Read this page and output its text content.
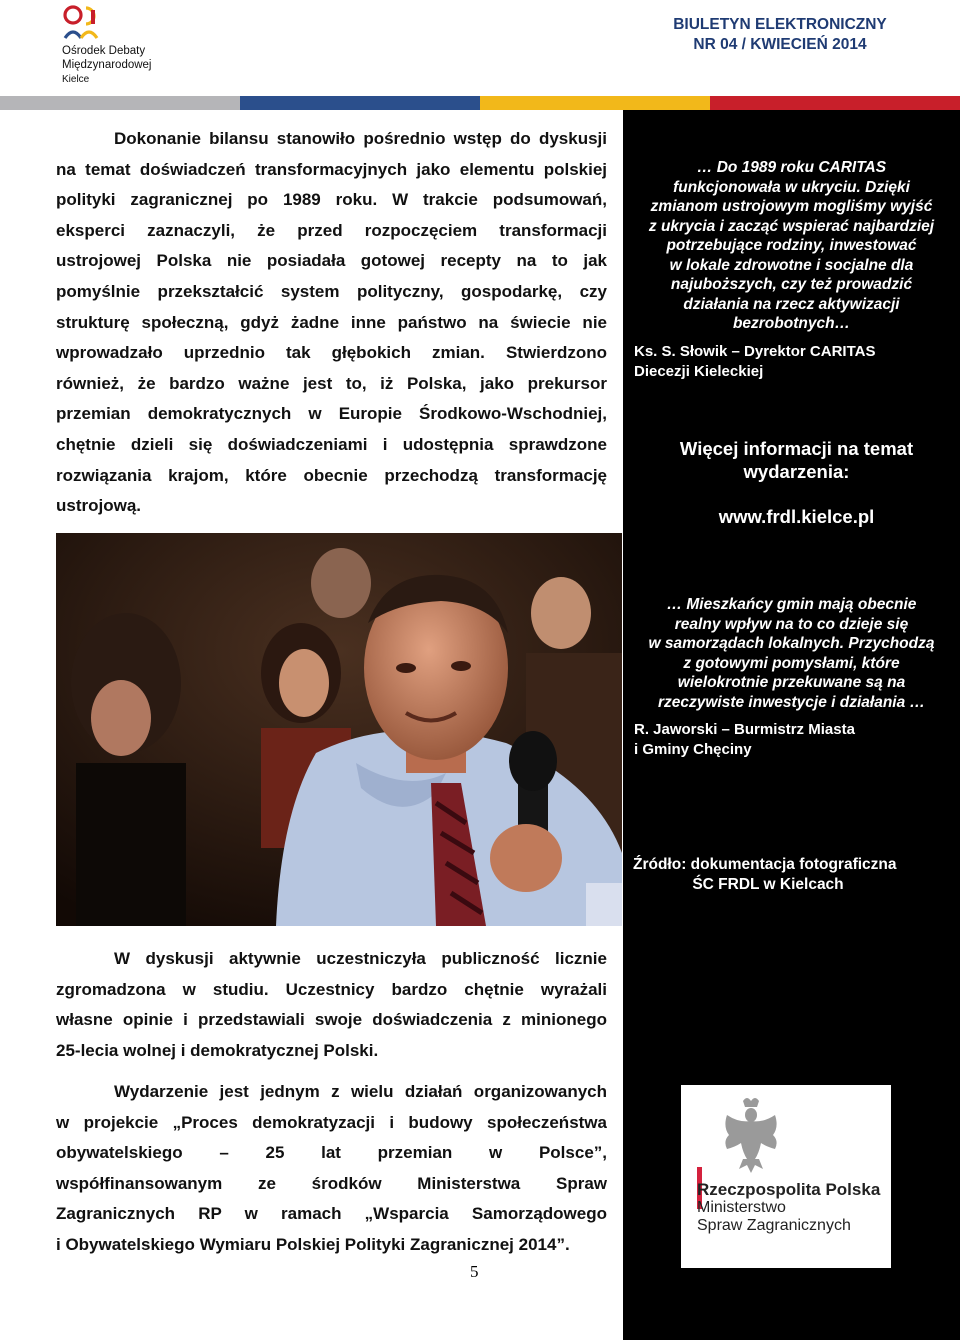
Ośrodek Debaty
Międzynarodowej
Kielce
BIULETYN ELEKTRONICZNY
NR 04 / KWIECIEŃ 2014
Dokonanie bilansu stanowiło pośrednio wstęp do dyskusji
na temat doświadczeń transformacyjnych jako elementu polskiej
polityki zagranicznej po 1989 roku. W trakcie podsumowań,
eksperci zaznaczyli, że przed rozpoczęciem transformacji
ustrojowej Polska nie posiadała gotowej recepty na to jak
pomyślnie przekształcić system polityczny, gospodarkę, czy
strukturę społeczną, gdyż żadne inne państwo na świecie nie
wprowadzało uprzednio tak głębokich zmian. Stwierdzono
również, że bardzo ważne jest to, iż Polska, jako prekursor
przemian demokratycznych w Europie Środkowo-Wschodniej,
chętnie dzieli się doświadczeniami i udostępnia sprawdzone
rozwiązania krajom, które obecnie przechodzą transformację
ustrojową.
W dyskusji aktywnie uczestniczyła publiczność licznie
zgromadzona w studiu. Uczestnicy bardzo chętnie wyrażali
własne opinie i przedstawiali swoje doświadczenia z minionego
25-lecia wolnej i demokratycznej Polski.
Wydarzenie jest jednym z wielu działań organizowanych
w projekcie „Proces demokratyzacji i budowy społeczeństwa
obywatelskiego – 25 lat przemian w Polsce”,
współfinansowanym ze środków Ministerstwa Spraw
Zagranicznych RP w ramach „Wsparcia Samorządowego
i Obywatelskiego Wymiaru Polskiej Polityki Zagranicznej 2014”.
5
… Do 1989 roku CARITAS
funkcjonowała w ukryciu. Dzięki
zmianom ustrojowym mogliśmy wyjść
z ukrycia i zacząć wspierać najbardziej
potrzebujące rodziny, inwestować
w lokale zdrowotne i socjalne dla
najuboższych, czy też prowadzić
działania na rzecz aktywizacji
bezrobotnych…
Ks. S. Słowik – Dyrektor CARITAS
Diecezji Kieleckiej
Więcej informacji na temat
wydarzenia:
www.frdl.kielce.pl
… Mieszkańcy gmin mają obecnie
realny wpływ na to co dzieje się
w samorządach lokalnych. Przychodzą
z gotowymi pomysłami, które
wielokrotnie przekuwane są na
rzeczywiste inwestycje i działania …
R. Jaworski – Burmistrz Miasta
i Gminy Chęciny
Źródło: dokumentacja fotograficzna
ŚC FRDL w Kielcach
Rzeczpospolita Polska
Ministerstwo
Spraw Zagranicznych
